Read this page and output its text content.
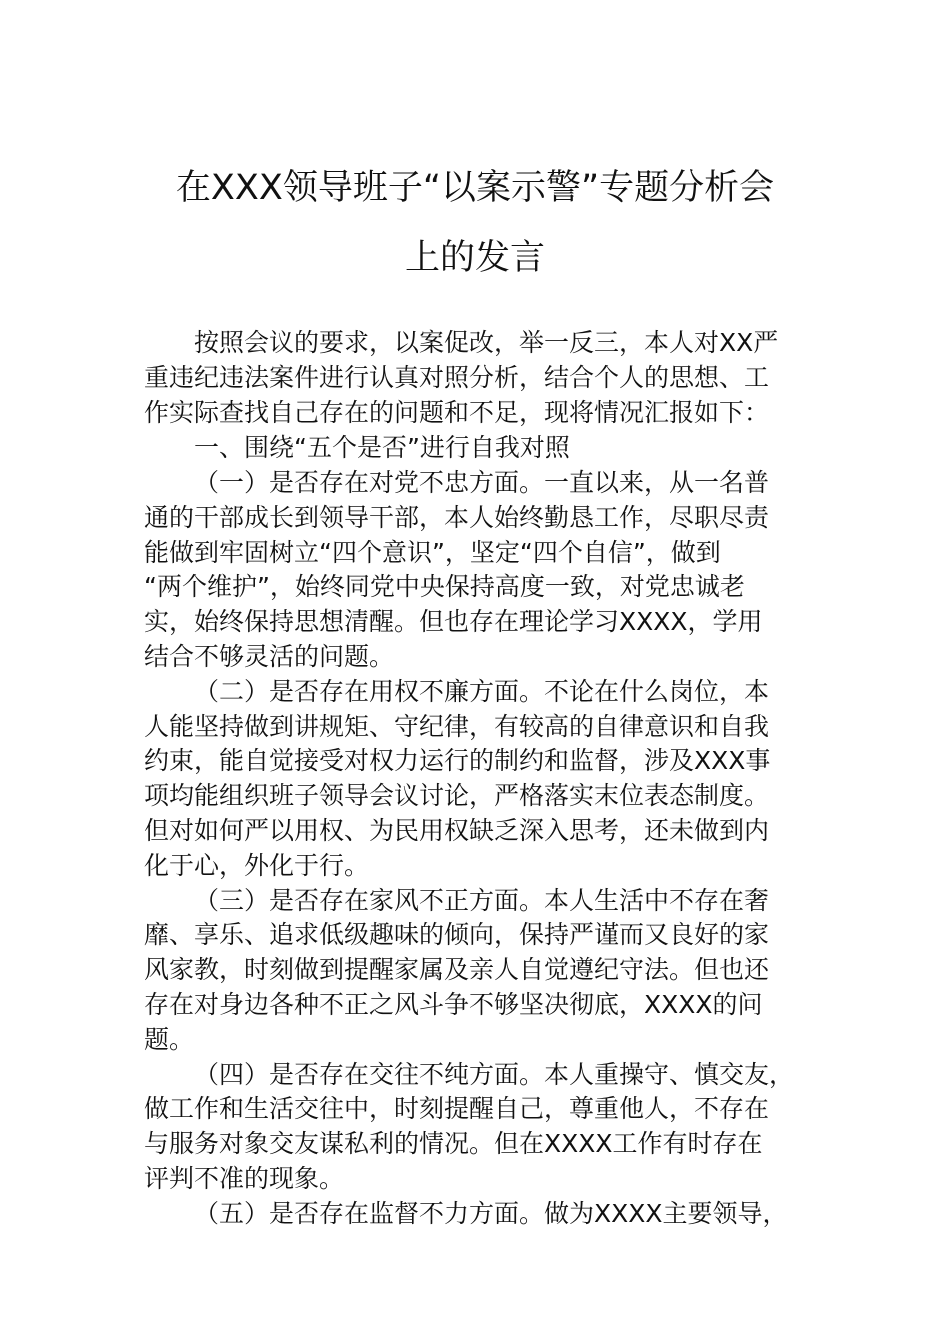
在XXX领导班子“以案示警”专题分析会
上的发言
按照会议的要求，以案促改，举一反三，本人对XX严
重违纪违法案件进行认真对照分析，结合个人的思想、工
作实际查找自己存在的问题和不足，现将情况汇报如下：
一、围绕“五个是否”进行自我对照
（一）是否存在对党不忠方面。一直以来，从一名普
通的干部成长到领导干部，本人始终勤恳工作，尽职尽责
能做到牢固树立“四个意识”，坚定“四个自信”，做到
“两个维护”，始终同党中央保持高度一致，对党忠诚老
实，始终保持思想清醒。但也存在理论学习XXXX，学用
结合不够灵活的问题。
（二）是否存在用权不廉方面。不论在什么岗位，本
人能坚持做到讲规矩、守纪律，有较高的自律意识和自我
约束，能自觉接受对权力运行的制约和监督，涉及XXX事
项均能组织班子领导会议讨论，严格落实末位表态制度。
但对如何严以用权、为民用权缺乏深入思考，还未做到内
化于心，外化于行。
（三）是否存在家风不正方面。本人生活中不存在奢
靡、享乐、追求低级趣味的倾向，保持严谨而又良好的家
风家教，时刻做到提醒家属及亲人自觉遵纪守法。但也还
存在对身边各种不正之风斗争不够坚决彻底，XXXX的问
题。
（四）是否存在交往不纯方面。本人重操守、慎交友，
做工作和生活交往中，时刻提醒自己，尊重他人，不存在
与服务对象交友谋私利的情况。但在XXXX工作有时存在
评判不准的现象。
（五）是否存在监督不力方面。做为XXXX主要领导，
